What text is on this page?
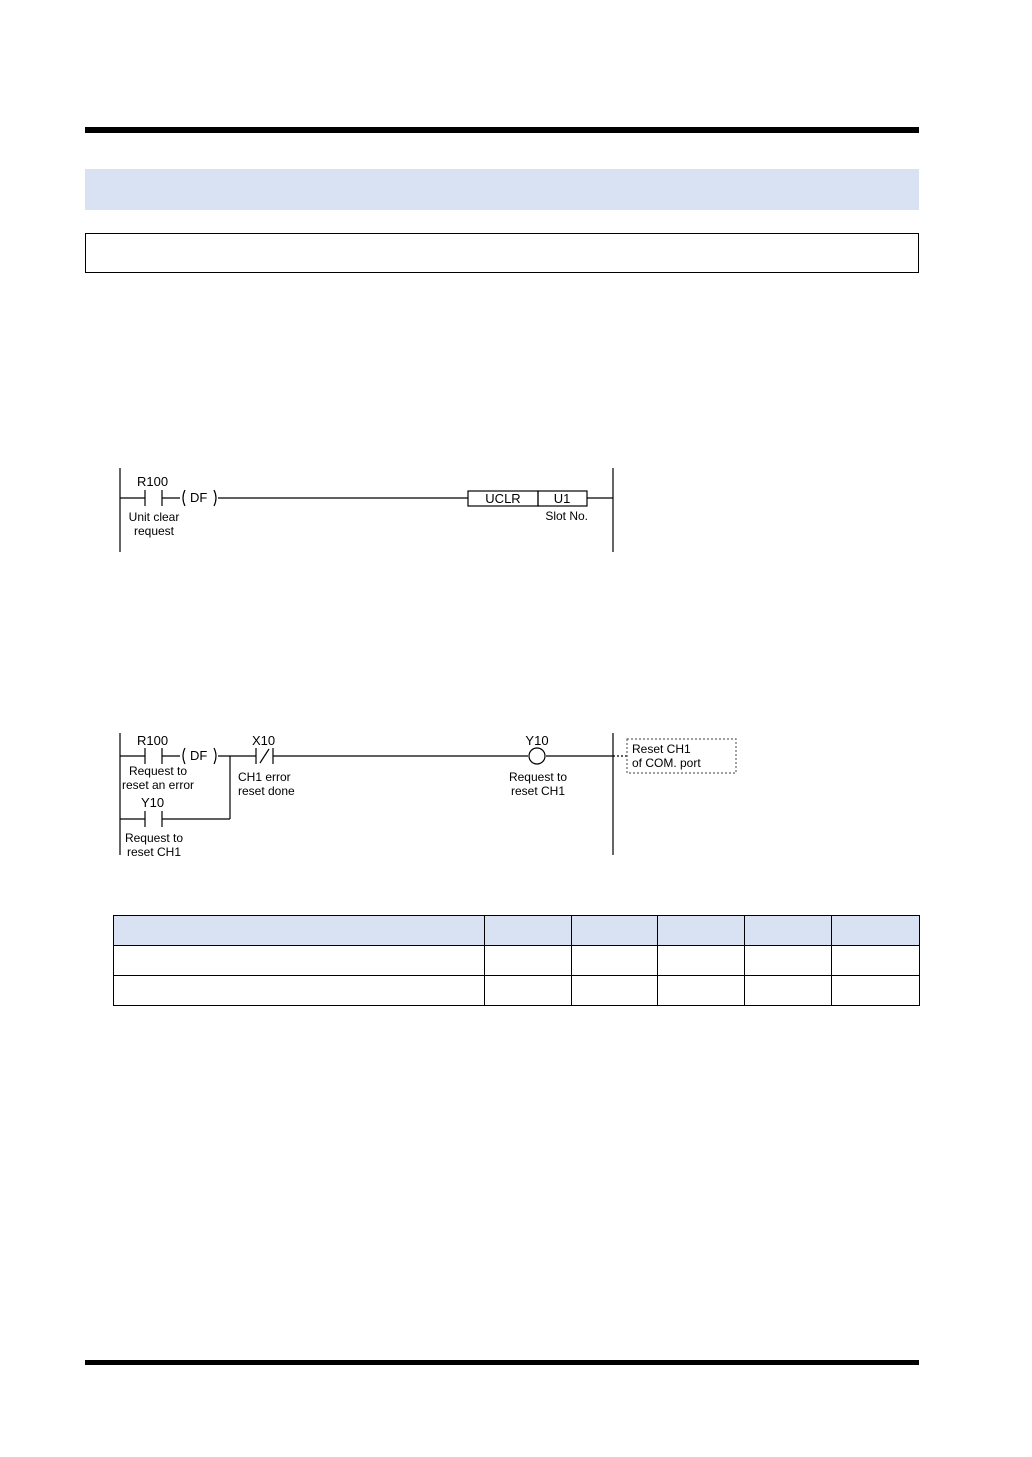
R100
DF
Unit clear
request
UCLR	U1
Slot No.
R100
DF
Request to
reset an error
X10
CH1 error
reset done
Y10
Request to
reset CH1
Y10
Request to
reset CH1
Reset CH1
of COM. port
